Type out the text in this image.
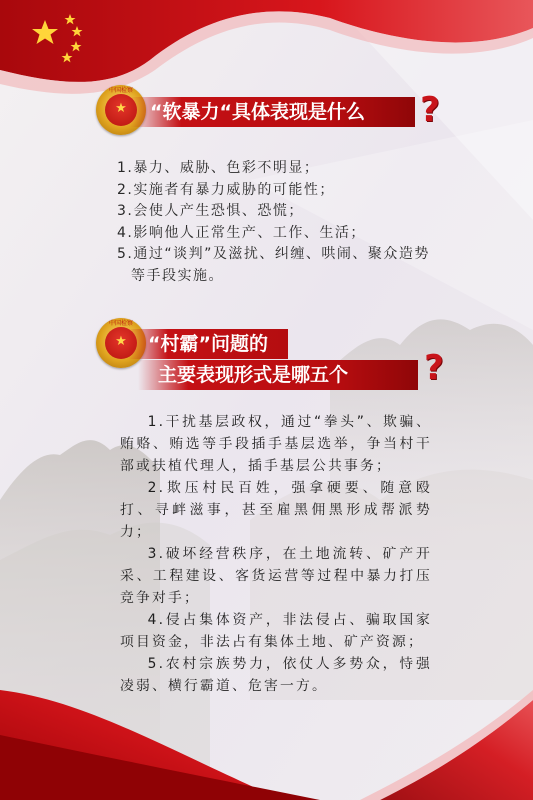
中国检察
★	“软暴力“具体表现是什么	?
1.暴力、威胁、色彩不明显；
2.实施者有暴力威胁的可能性；
3.会使人产生恐惧、恐慌；
4.影响他人正常生产、工作、生活；
5.通过“谈判”及滋扰、纠缠、哄闹、聚众造势等手段实施。
中国检察
★	“村霸”问题的
主要表现形式是哪五个	?

1.干扰基层政权，通过“拳头”、欺骗、贿赂、贿选等手段插手基层选举，争当村干部或扶植代理人，插手基层公共事务；

2.欺压村民百姓，强拿硬要、随意殴打、寻衅滋事，甚至雇黑佣黑形成帮派势力；

3.破坏经营秩序，在土地流转、矿产开采、工程建设、客货运营等过程中暴力打压竞争对手；

4.侵占集体资产，非法侵占、骗取国家项目资金，非法占有集体土地、矿产资源；

5.农村宗族势力，依仗人多势众，恃强凌弱、横行霸道、危害一方。
